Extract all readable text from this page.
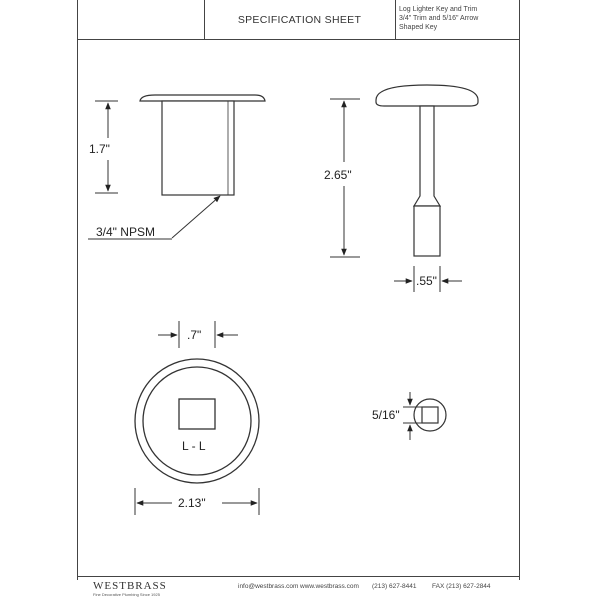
SPECIFICATION SHEET
Log Lighter Key and Trim
3/4" Trim and 5/16" Arrow
Shaped Key
1.7"
3/4" NPSM
2.65"
.55"
.7"
L - L
2.13"
5/16"
WESTBRASS
Fine Decorative Plumbing Since 1925
info@westbrass.com www.westbrass.com (213) 627-8441 FAX (213) 627-2844
